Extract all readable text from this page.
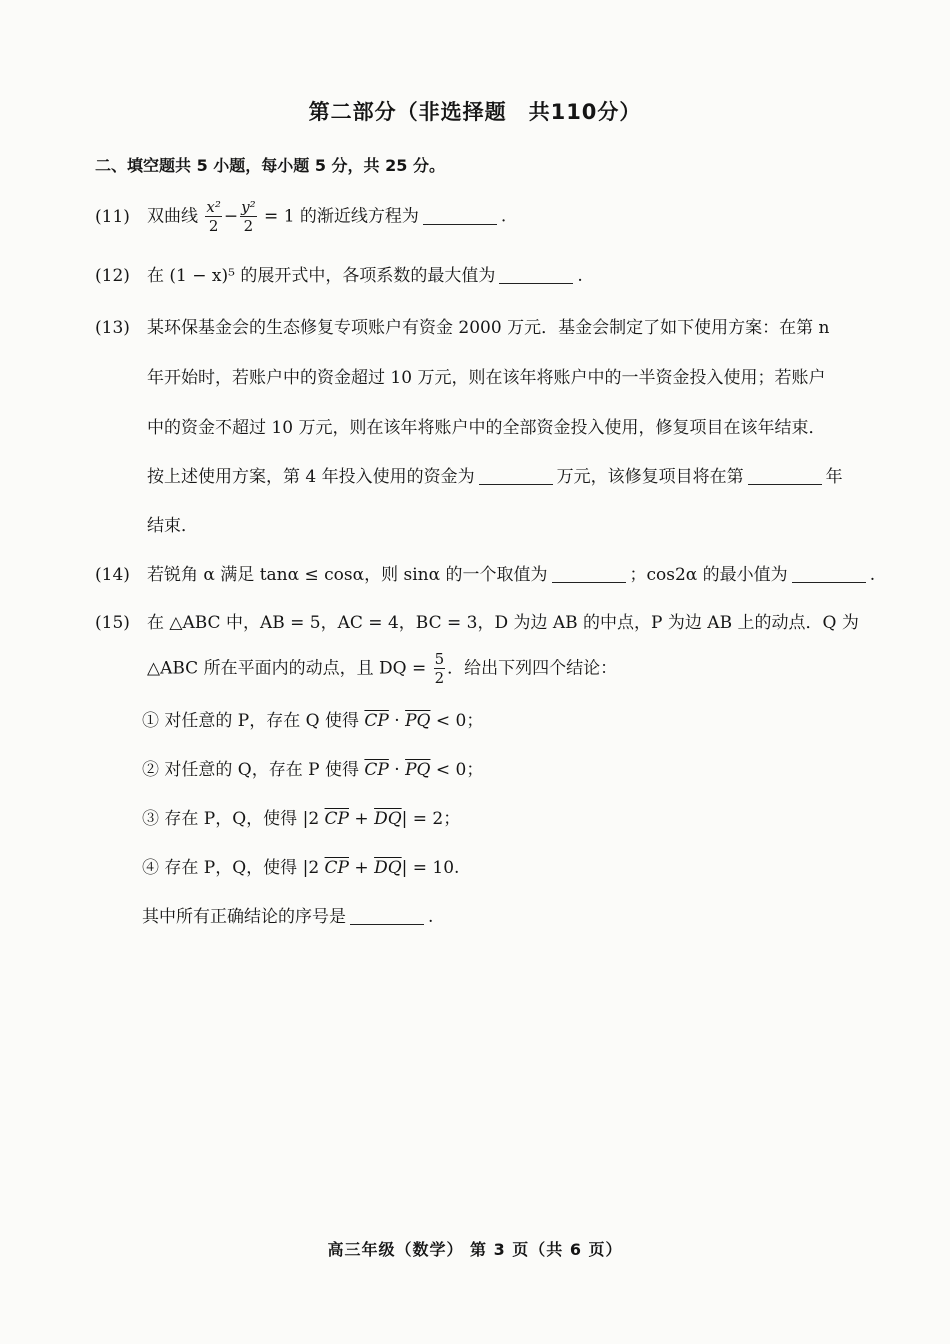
第二部分（非选择题　共110分）
二、填空题共 5 小题，每小题 5 分，共 25 分。
(11) 双曲线 $\frac{\text{x²}}{2} - \frac{\text{y²}}{2} = 1$ 的渐近线方程为	.
(12) 在 (1 − x)⁵ 的展开式中，各项系数的最大值为	.
(13) 某环保基金会的生态修复专项账户有资金 2000 万元．基金会制定了如下使用方案：在第 n
年开始时，若账户中的资金超过 10 万元，则在该年将账户中的一半资金投入使用；若账户
中的资金不超过 10 万元，则在该年将账户中的全部资金投入使用，修复项目在该年结束．
按上述使用方案，第 4 年投入使用的资金为	万元，该修复项目将在第	年
结束．
(14) 若锐角 α 满足 tanα ≤ cosα，则 sinα 的一个取值为	；cos2α 的最小值为	.
(15) 在 △ABC 中，AB = 5，AC = 4，BC = 3，D 为边 AB 的中点，P 为边 AB 上的动点．Q 为
△ABC 所在平面内的动点，且 DQ = $\frac{5}{2}$ ．给出下列四个结论：
① 对任意的 P，存在 Q 使得 $\overline{CP} \cdot \overline{PQ} < 0$；
② 对任意的 Q，存在 P 使得 $\overline{CP} \cdot \overline{PQ} < 0$；
③ 存在 P，Q，使得 |2 $\overline{CP} + \overline{DQ}| = 2$；
④ 存在 P，Q，使得 |2 $\overline{CP} + \overline{DQ}| = 10$.
其中所有正确结论的序号是	.
高三年级（数学） 第 3 页（共 6 页）
